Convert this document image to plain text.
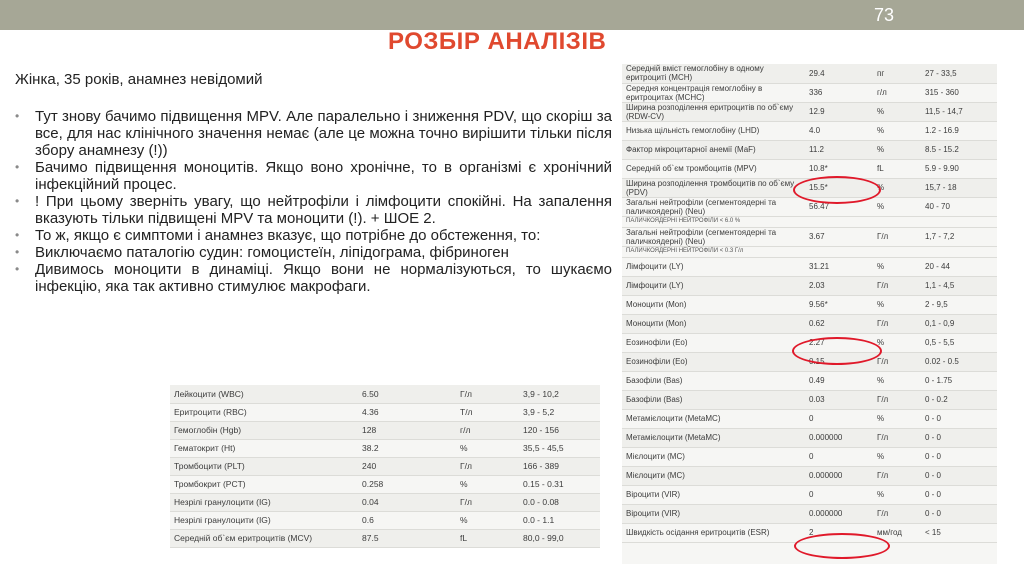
73
РОЗБІР АНАЛІЗІВ
Жінка, 35 років, анамнез невідомий
• Тут знову бачимо підвищення MPV. Але паралельно і зниження PDV, що скоріш за все, для нас клінічного значення немає (але це можна точно вирішити тільки після збору анамнезу (!))
• Бачимо підвищення моноцитів. Якщо воно хронічне, то в організмі є хронічний інфекційний процес.
• ! При цьому зверніть увагу, що нейтрофіли і лімфоцити спокійні. На запалення вказують тільки підвищені MPV та моноцити (!). + ШОЕ 2.
• То ж, якщо є симптоми і анамнез вказує, що потрібне до обстеження, то:
• Виключаємо паталогію судин: гомоцистеїн, ліпідограма, фібриноген
• Дивимось моноцити в динаміці. Якщо вони не нормалізуються, то шукаємо інфекцію, яка так активно стимулює макрофаги.
Середній вміст гемоглобіну в одному еритроциті (MCH)	29.4	пг	27 - 33,5
Середня концентрація гемоглобіну в еритроцитах (MCHC)	336	г/л	315 - 360
Ширина розподілення еритроцитів по об`єму (RDW-CV)	12.9	%	11,5 - 14,7
Низька щільність гемоглобіну (LHD)	4.0	%	1.2 - 16.9
Фактор мікроцитарної анемії (MaF)	11.2	%	8.5 - 15.2
Середній об`єм тромбоцитів (MPV)	10.8*	fL	5.9 - 9.90
Ширина розподілення тромбоцитів по об`єму (PDV)	15.5*	%	15,7 - 18
Загальні нейтрофіли (сегментоядерні та паличкоядерні) (Neu)	56.47	%	40 - 70
ПАЛИЧКОЯДЕРНІ НЕЙТРОФІЛИ < 6.0 %			
Загальні нейтрофіли (сегментоядерні та паличкоядерні) (Neu)	3.67	Г/л	1,7 - 7,2
ПАЛИЧКОЯДЕРНІ НЕЙТРОФІЛИ < 0.3 Г/л			
Лімфоцити (LY)	31.21	%	20 - 44
Лімфоцити (LY)	2.03	Г/л	1,1 - 4,5
Моноцити (Mon)	9.56*	%	2 - 9,5
Моноцити (Mon)	0.62	Г/л	0,1 - 0,9
Еозинофіли (Eo)	2.27	%	0,5 - 5,5
Еозинофіли (Eo)	0.15	Г/л	0.02 - 0.5
Базофіли (Bas)	0.49	%	0 - 1.75
Базофіли (Bas)	0.03	Г/л	0 - 0.2
Метамієлоцити (MetaMC)	0	%	0 - 0
Метамієлоцити (MetaMC)	0.000000	Г/л	0 - 0
Мієлоцити (MC)	0	%	0 - 0
Мієлоцити (MC)	0.000000	Г/л	0 - 0
Віроцити (VIR)	0	%	0 - 0
Віроцити (VIR)	0.000000	Г/л	0 - 0
Швидкість осідання еритроцитів (ESR)	2	мм/год	< 15
Лейкоцити (WBC)	6.50	Г/л	3,9 - 10,2
Еритроцити (RBC)	4.36	Т/л	3,9 - 5,2
Гемоглобін (Hgb)	128	г/л	120 - 156
Гематокрит (Ht)	38.2	%	35,5 - 45,5
Тромбоцити (PLT)	240	Г/л	166 - 389
Тромбокрит (PCT)	0.258	%	0.15 - 0.31
Незрілі гранулоцити (IG)	0.04	Г/л	0.0 - 0.08
Незрілі гранулоцити (IG)	0.6	%	0.0 - 1.1
Середній об`єм еритроцитів (MCV)	87.5	fL	80,0 - 99,0
